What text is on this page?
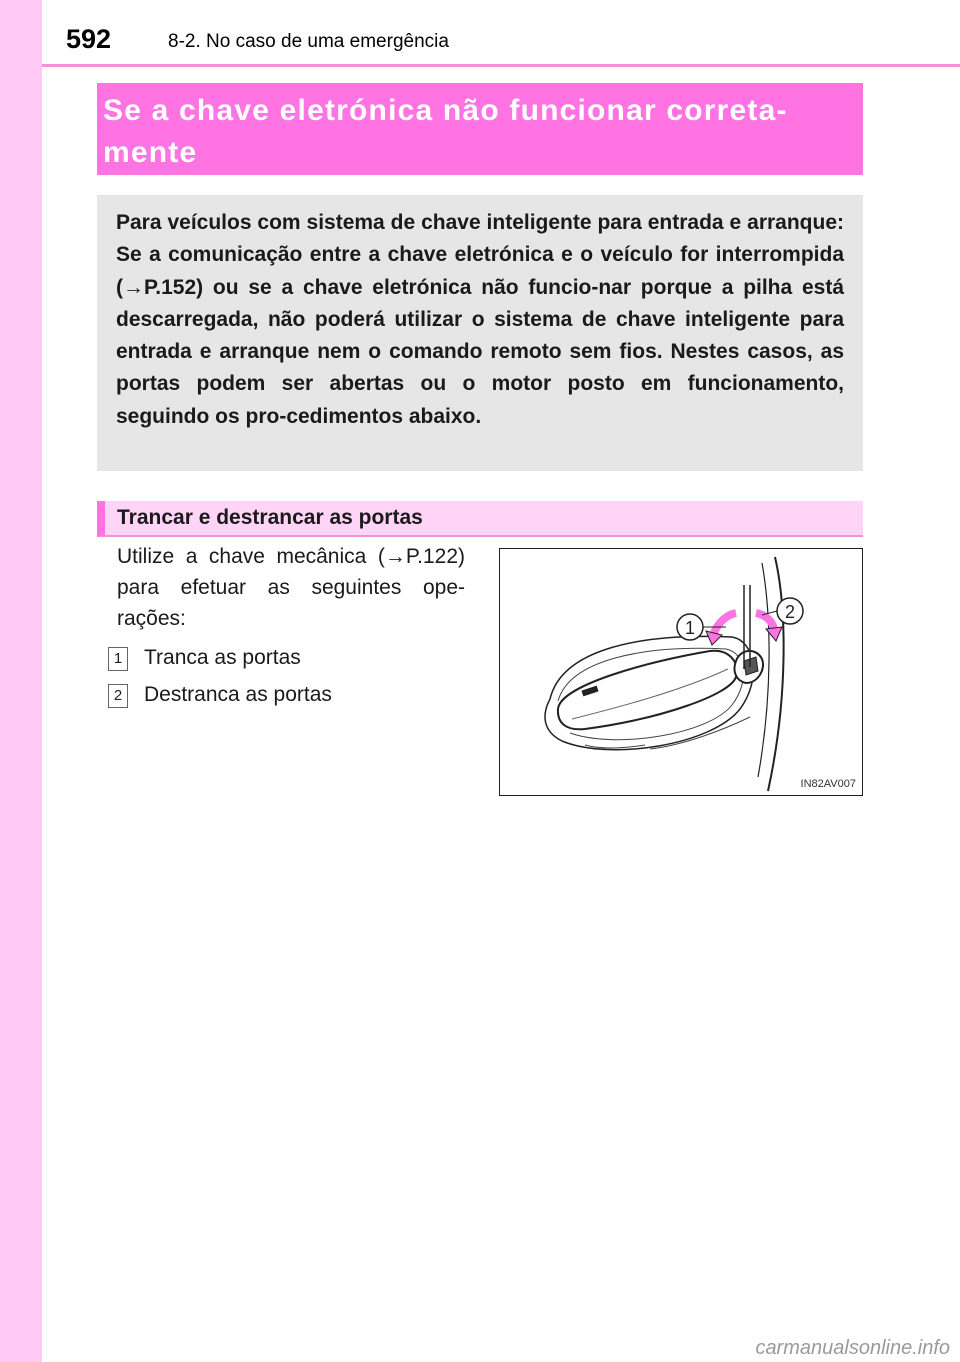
592	8-2. No caso de uma emergência

Se a chave eletrónica não funcionar correta-
mente

Para veículos com sistema de chave inteligente para entrada e arranque: Se a comunicação entre a chave eletrónica e o veículo for interrompida (→P.152) ou se a chave eletrónica não funcio-nar porque a pilha está descarregada, não poderá utilizar o sistema de chave inteligente para entrada e arranque nem o comando remoto sem fios. Nestes casos, as portas podem ser abertas ou o motor posto em funcionamento, seguindo os pro-cedimentos abaixo.

Trancar e destrancar as portas

Utilize a chave mecânica (→P.122) para efetuar as seguintes ope-rações:

1 Tranca as portas
2 Destranca as portas
1
2
IN82AV007
carmanualsonline.info
